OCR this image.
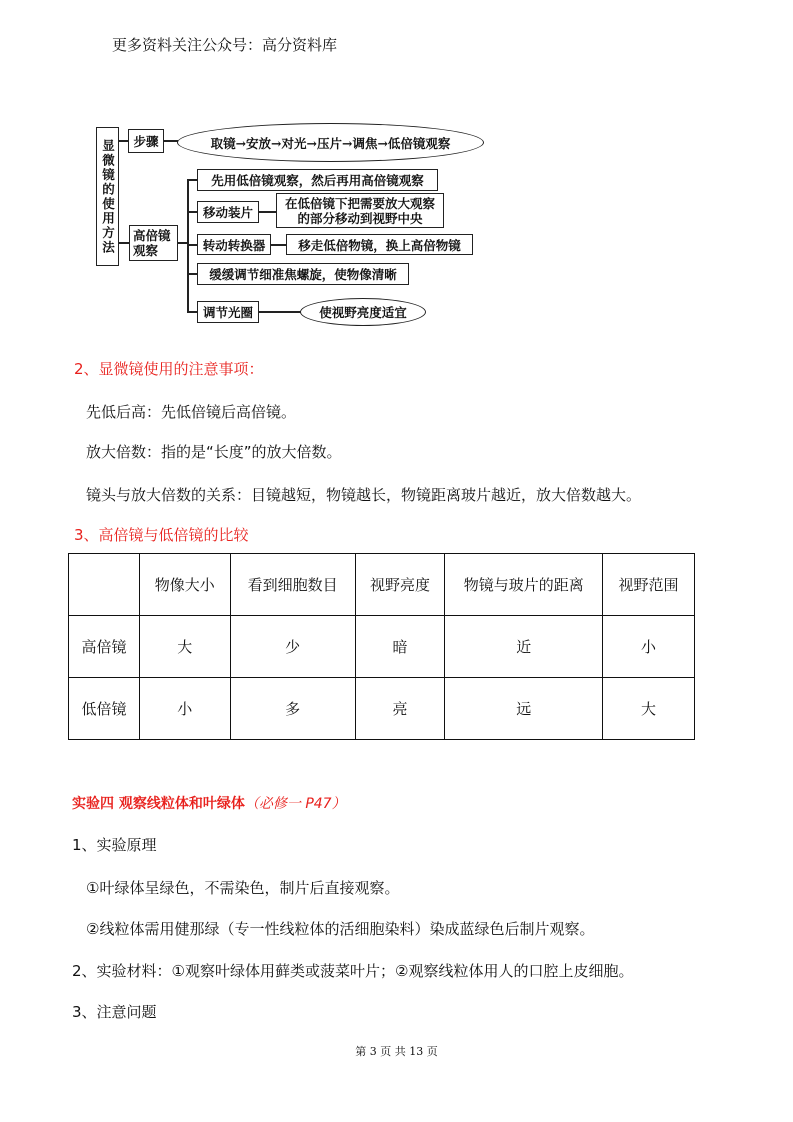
更多资料关注公众号：高分资料库
显微镜的使用方法	步骤	取镜→安放→对光→压片→调焦→低倍镜观察
高倍镜观察
先用低倍镜观察，然后再用高倍镜观察
移动装片
在低倍镜下把需要放大观察的部分移动到视野中央
转动转换器	移走低倍物镜，换上高倍物镜
缓缓调节细准焦螺旋，使物像清晰
调节光圈	使视野亮度适宜
2、显微镜使用的注意事项：
先低后高：先低倍镜后高倍镜。
放大倍数：指的是“长度”的放大倍数。
镜头与放大倍数的关系：目镜越短，物镜越长，物镜距离玻片越近，放大倍数越大。
3、高倍镜与低倍镜的比较
	物像大小	看到细胞数目	视野亮度	物镜与玻片的距离	视野范围
高倍镜	大	少	暗	近	小
低倍镜	小	多	亮	远	大
实验四 观察线粒体和叶绿体（必修一 P47）
1、实验原理
①叶绿体呈绿色，不需染色，制片后直接观察。
②线粒体需用健那绿（专一性线粒体的活细胞染料）染成蓝绿色后制片观察。
2、实验材料：①观察叶绿体用藓类或菠菜叶片；②观察线粒体用人的口腔上皮细胞。
3、注意问题
第 3 页 共 13 页
